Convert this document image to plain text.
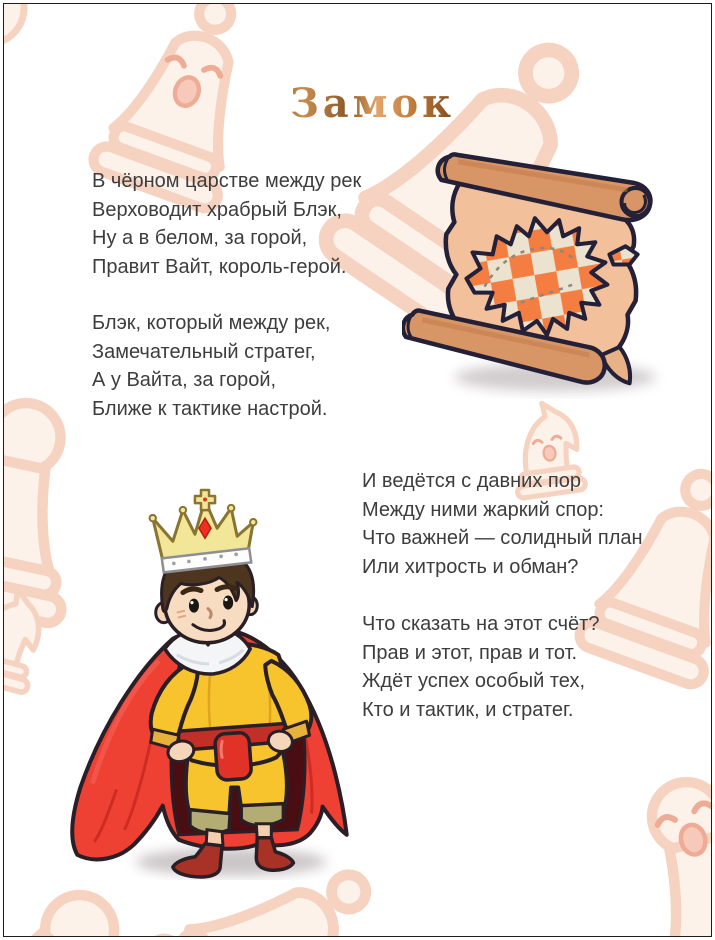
Замок
В чёрном царстве между рек
Верховодит храбрый Блэк,
Ну а в белом, за горой,
Правит Вайт, король-герой.
Блэк, который между рек,
Замечательный стратег,
А у Вайта, за горой,
Ближе к тактике настрой.
И ведётся с давних пор
Между ними жаркий спор:
Что важней — солидный план
Или хитрость и обман?
Что сказать на этот счёт?
Прав и этот, прав и тот.
Ждёт успех особый тех,
Кто и тактик, и стратег.
